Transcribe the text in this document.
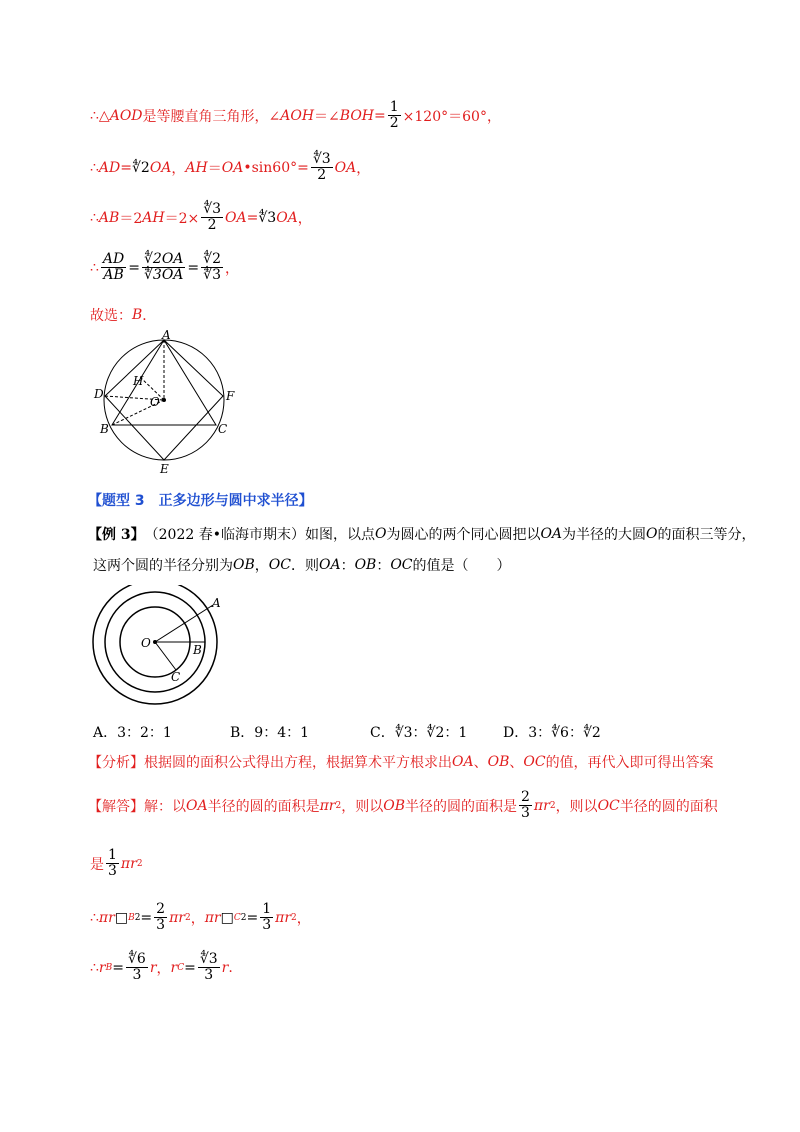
∴ △ AOD 是等腰直角三角形，∠ AOH ＝∠ BOH = $\frac{1}{2} \times 120^\circ=60^\circ$，
∴ AD = ∜2 OA ， AH ＝ OA •sin60°= $\frac{∜3}{2}$ OA ，
∴ AB ＝2 AH $=2\times \frac{∜3}{2}$ OA = ∜3 OA ，
∴ $\frac{AD}{AB} = \frac{∜2OA}{∜3OA} = \frac{∜2}{∜3}$ ，
故选： B ．
A
D
H
O	F
B	C
E
【题型 3　正多边形与圆中求半径】
【例 3】 （2022 春•临海市期末） 如图，以点 O 为圆心的两个同心圆把以 OA 为半径的大圆 O 的面积三等分，
这两个圆的半径分别为 OB ， OC ．则 OA ： OB ： OC 的值是（　　）
O
A
B
C
A．3：2：1	B．9：4：1	C．∜3：∜2：1	D．3：∜6：∜2
【分析】 根据圆的面积公式得出方程，根据算术平方根求出 OA 、 OB 、 OC 的值，再代入即可得出答案
【解答】 解：以 OA 半径的圆的面积是 πr 2 ，则以 OB 半径的圆的面积是 $\frac{2}{3}$ πr 2 ，则以 OC 半径的圆的面积
是 $\frac{1}{3}$ πr 2
∴ πr □ B $2 = \frac{2}{3}$ πr 2 ， πr □ C $2 = \frac{1}{3}$ πr 2 ，
∴ r $B = \frac{∜6}{3}$ r ， r $C = \frac{∜3}{3}$ r .
